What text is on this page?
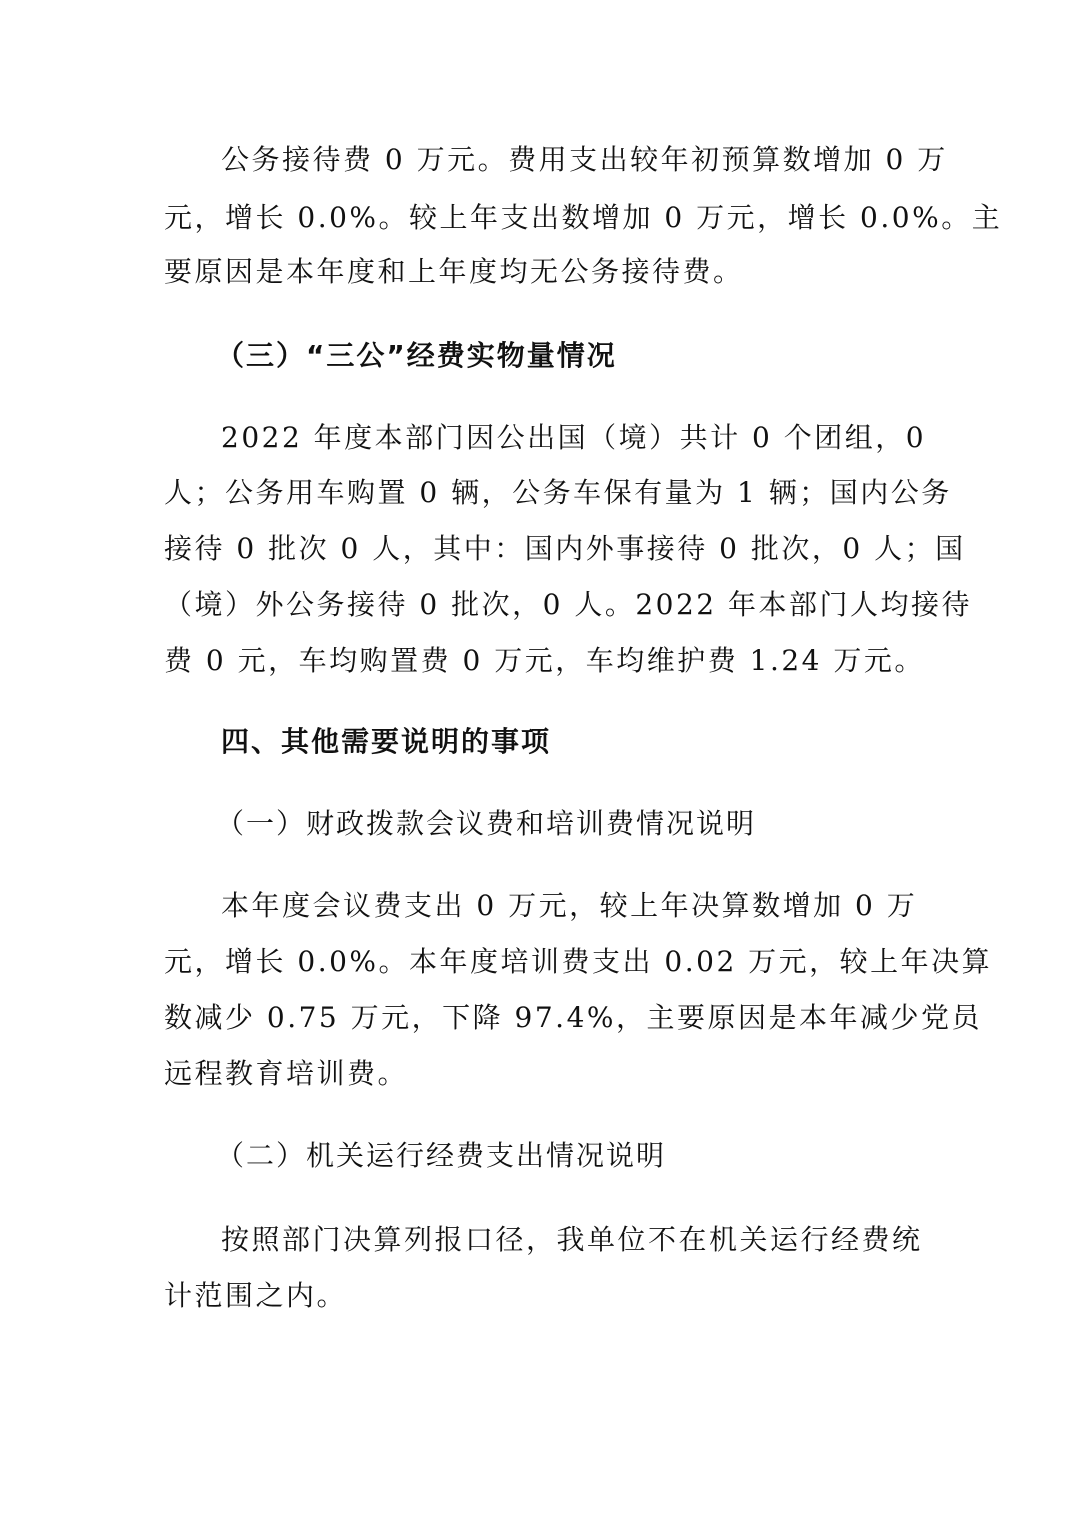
公务接待费 0 万元。费用支出较年初预算数增加 0 万
元，增长 0.0%。较上年支出数增加 0 万元，增长 0.0%。主
要原因是本年度和上年度均无公务接待费。
（三）“三公”经费实物量情况
2022 年度本部门因公出国（境）共计 0 个团组，0
人；公务用车购置 0 辆，公务车保有量为 1 辆；国内公务
接待 0 批次 0 人，其中：国内外事接待 0 批次，0 人；国
（境）外公务接待 0 批次，0 人。2022 年本部门人均接待
费 0 元，车均购置费 0 万元，车均维护费 1.24 万元。
四、其他需要说明的事项
（一）财政拨款会议费和培训费情况说明
本年度会议费支出 0 万元，较上年决算数增加 0 万
元，增长 0.0%。本年度培训费支出 0.02 万元，较上年决算
数减少 0.75 万元，下降 97.4%，主要原因是本年减少党员
远程教育培训费。
（二）机关运行经费支出情况说明
按照部门决算列报口径，我单位不在机关运行经费统
计范围之内。
